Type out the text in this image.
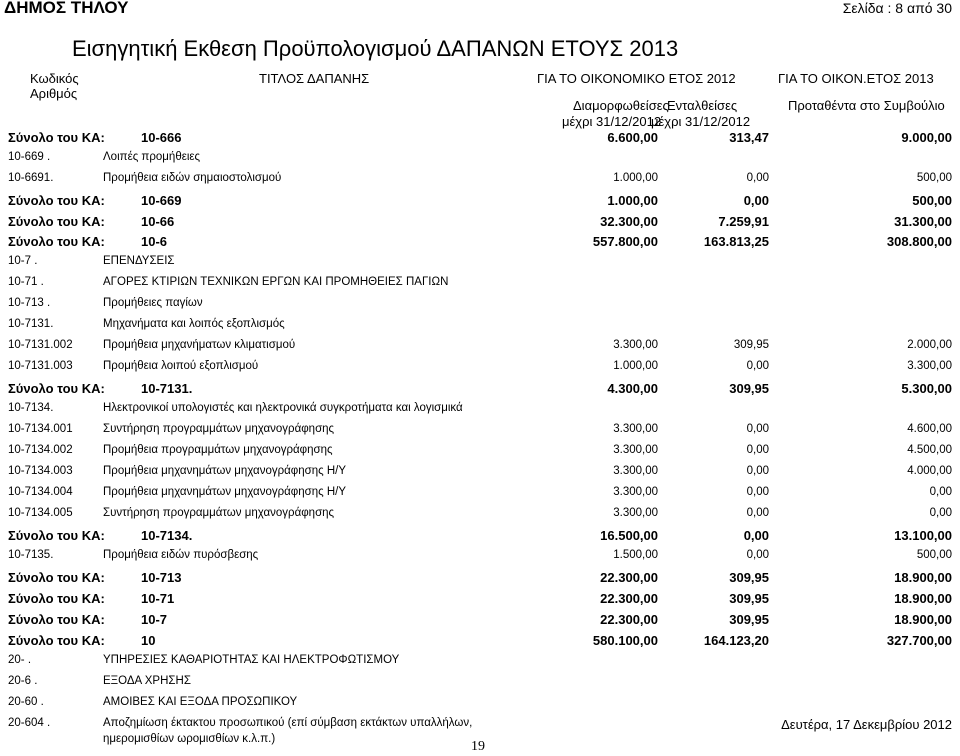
ΔΗΜΟΣ ΤΗΛΟΥ	Σελίδα : 8 από 30
Εισηγητική Εκθεση Προϋπολογισμού ΔΑΠΑΝΩΝ ΕΤΟΥΣ 2013
Κωδικός
Αριθμός
ΤΙΤΛΟΣ ΔΑΠΑΝΗΣ	ΓΙΑ ΤΟ ΟΙΚΟΝΟΜΙΚΟ ΕΤΟΣ 2012	ΓΙΑ ΤΟ ΟΙΚΟΝ.ΕΤΟΣ 2013
Διαμορφωθείσες
μέχρι 31/12/2012
Ενταλθείσες
μέχρι 31/12/2012
Προταθέντα στο Συμβούλιο
Σύνολο του ΚΑ:	10-666	6.600,00	313,47	9.000,00
10-669 .	Λοιπές προμήθειες
10-6691.	Προμήθεια ειδών σημαιοστολισμού	1.000,00	0,00	500,00
Σύνολο του ΚΑ:	10-669	1.000,00	0,00	500,00
Σύνολο του ΚΑ:	10-66	32.300,00	7.259,91	31.300,00
Σύνολο του ΚΑ:	10-6	557.800,00	163.813,25	308.800,00
10-7 .	ΕΠΕΝΔΥΣΕΙΣ
10-71 .	ΑΓΟΡΕΣ ΚΤΙΡΙΩΝ ΤΕΧΝΙΚΩΝ ΕΡΓΩΝ ΚΑΙ ΠΡΟΜΗΘΕΙΕΣ ΠΑΓΙΩΝ
10-713 .	Προμήθειες παγίων
10-7131.	Μηχανήματα και λοιπός εξοπλισμός
10-7131.002	Προμήθεια μηχανήματων κλιματισμού	3.300,00	309,95	2.000,00
10-7131.003	Προμήθεια λοιπού εξοπλισμού	1.000,00	0,00	3.300,00
Σύνολο του ΚΑ:	10-7131.	4.300,00	309,95	5.300,00
10-7134.	Ηλεκτρονικοί υπολογιστές και ηλεκτρονικά συγκροτήματα και λογισμικά
10-7134.001	Συντήρηση προγραμμάτων μηχανογράφησης	3.300,00	0,00	4.600,00
10-7134.002	Προμήθεια προγραμμάτων μηχανογράφησης	3.300,00	0,00	4.500,00
10-7134.003	Προμήθεια μηχανημάτων μηχανογράφησης Η/Υ	3.300,00	0,00	4.000,00
10-7134.004	Προμήθεια μηχανημάτων μηχανογράφησης Η/Υ	3.300,00	0,00	0,00
10-7134.005	Συντήρηση προγραμμάτων μηχανογράφησης	3.300,00	0,00	0,00
Σύνολο του ΚΑ:	10-7134.	16.500,00	0,00	13.100,00
10-7135.	Προμήθεια ειδών πυρόσβεσης	1.500,00	0,00	500,00
Σύνολο του ΚΑ:	10-713	22.300,00	309,95	18.900,00
Σύνολο του ΚΑ:	10-71	22.300,00	309,95	18.900,00
Σύνολο του ΚΑ:	10-7	22.300,00	309,95	18.900,00
Σύνολο του ΚΑ:	10	580.100,00	164.123,20	327.700,00
20- .	ΥΠΗΡΕΣΙΕΣ ΚΑΘΑΡΙΟΤΗΤΑΣ ΚΑΙ ΗΛΕΚΤΡΟΦΩΤΙΣΜΟΥ
20-6 .	ΕΞΟΔΑ ΧΡΗΣΗΣ
20-60 .	ΑΜΟΙΒΕΣ ΚΑΙ ΕΞΟΔΑ ΠΡΟΣΩΠΙΚΟΥ
20-604 .	Αποζημίωση έκτακτου προσωπικού (επί σύμβαση εκτάκτων υπαλλήλων,
ημερομισθίων ωρομισθίων κ.λ.π.)
Δευτέρα, 17 Δεκεμβρίου 2012
19
